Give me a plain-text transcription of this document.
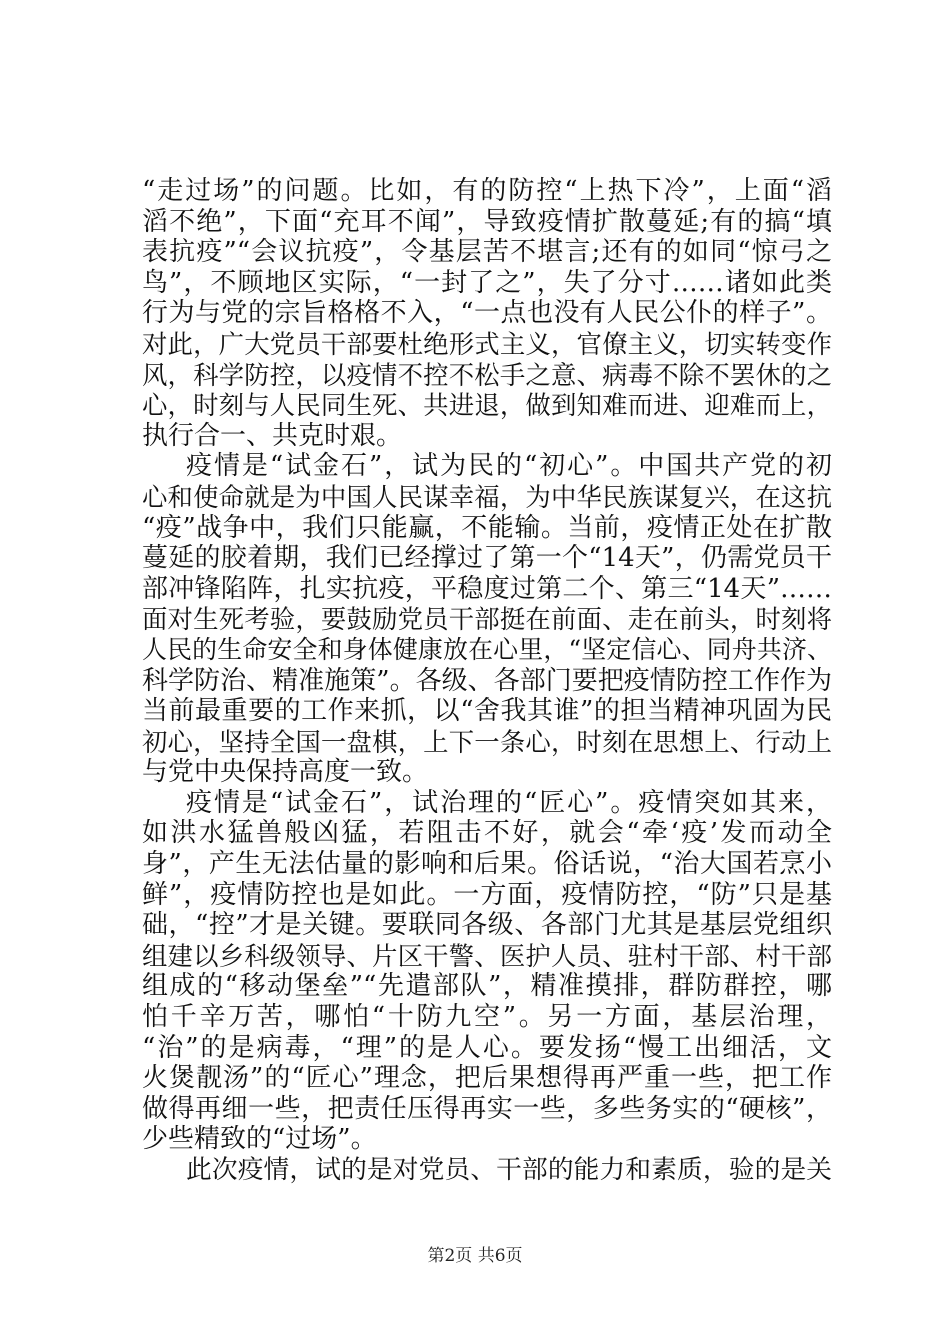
“走过场”的问题。比如，有的防控“上热下冷”，上面“滔
滔不绝”，下面“充耳不闻”，导致疫情扩散蔓延;有的搞“填
表抗疫”“会议抗疫”，令基层苦不堪言;还有的如同“惊弓之
鸟”，不顾地区实际，“一封了之”，失了分寸……诸如此类
行为与党的宗旨格格不入，“一点也没有人民公仆的样子”。
对此，广大党员干部要杜绝形式主义，官僚主义，切实转变作
风，科学防控，以疫情不控不松手之意、病毒不除不罢休的之
心，时刻与人民同生死、共进退，做到知难而进、迎难而上，
执行合一、共克时艰。
疫情是“试金石”，试为民的“初心”。中国共产党的初
心和使命就是为中国人民谋幸福，为中华民族谋复兴，在这抗
“疫”战争中，我们只能赢，不能输。当前，疫情正处在扩散
蔓延的胶着期，我们已经撑过了第一个“14天”，仍需党员干
部冲锋陷阵，扎实抗疫，平稳度过第二个、第三“14天”……
面对生死考验，要鼓励党员干部挺在前面、走在前头，时刻将
人民的生命安全和身体健康放在心里，“坚定信心、同舟共济、
科学防治、精准施策”。各级、各部门要把疫情防控工作作为
当前最重要的工作来抓，以“舍我其谁”的担当精神巩固为民
初心，坚持全国一盘棋，上下一条心，时刻在思想上、行动上
与党中央保持高度一致。
疫情是“试金石”，试治理的“匠心”。疫情突如其来，
如洪水猛兽般凶猛，若阻击不好，就会“牵‘疫’发而动全
身”，产生无法估量的影响和后果。俗话说，“治大国若烹小
鲜”，疫情防控也是如此。一方面，疫情防控，“防”只是基
础，“控”才是关键。要联同各级、各部门尤其是基层党组织
组建以乡科级领导、片区干警、医护人员、驻村干部、村干部
组成的“移动堡垒”“先遣部队”，精准摸排，群防群控，哪
怕千辛万苦，哪怕“十防九空”。另一方面，基层治理，
“治”的是病毒，“理”的是人心。要发扬“慢工出细活，文
火煲靓汤”的“匠心”理念，把后果想得再严重一些，把工作
做得再细一些，把责任压得再实一些，多些务实的“硬核”，
少些精致的“过场”。
此次疫情，试的是对党员、干部的能力和素质，验的是关
第2页 共6页
